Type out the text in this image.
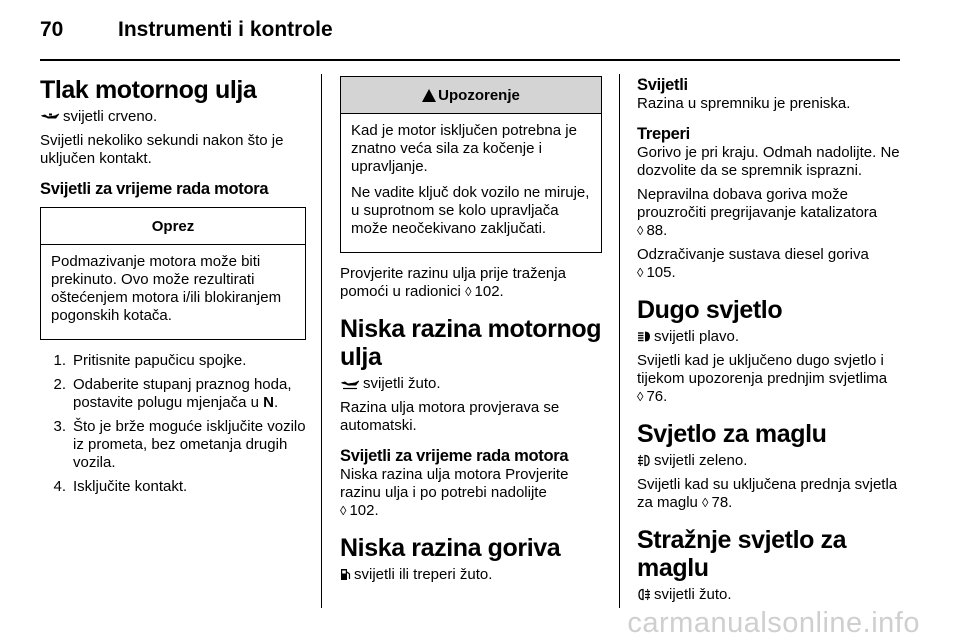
70	Instrumenti i kontrole
Tlak motornog ulja

svijetli crveno.

Svijetli nekoliko sekundi nakon što je uključen kontakt.

Svijetli za vrijeme rada motora
Oprez

Podmazivanje motora može biti prekinuto. Ovo može rezultirati oštećenjem motora i/ili blokiranjem pogonskih kotača.

1. Pritisnite papučicu spojke.
2. Odaberite stupanj praznog hoda, postavite polugu mjenjača u N.
3. Što je brže moguće isključite vozilo iz prometa, bez ometanja drugih vozila.
4. Isključite kontakt.
Upozorenje

Kad je motor isključen potrebna je znatno veća sila za kočenje i upravljanje.

Ne vadite ključ dok vozilo ne miruje, u suprotnom se kolo upravljača može neočekivano zaključati.

Provjerite razinu ulja prije traženja pomoći u radionici ◊ 102.

Niska razina motornog ulja

svijetli žuto.

Razina ulja motora provjerava se automatski.

Svijetli za vrijeme rada motora

Niska razina ulja motora Provjerite razinu ulja i po potrebi nadolijte
◊ 102.

Niska razina goriva

svijetli ili treperi žuto.

Svijetli

Razina u spremniku je preniska.

Treperi

Gorivo je pri kraju. Odmah nadolijte. Ne dozvolite da se spremnik isprazni.

Nepravilna dobava goriva može prouzročiti pregrijavanje katalizatora
◊ 88.

Odzračivanje sustava diesel goriva
◊ 105.

Dugo svjetlo

svijetli plavo.

Svijetli kad je uključeno dugo svjetlo i tijekom upozorenja prednjim svjetlima ◊ 76.

Svjetlo za maglu

svijetli zeleno.

Svijetli kad su uključena prednja svjetla za maglu ◊ 78.

Stražnje svjetlo za maglu

svijetli žuto.

carmanualsonline.info
